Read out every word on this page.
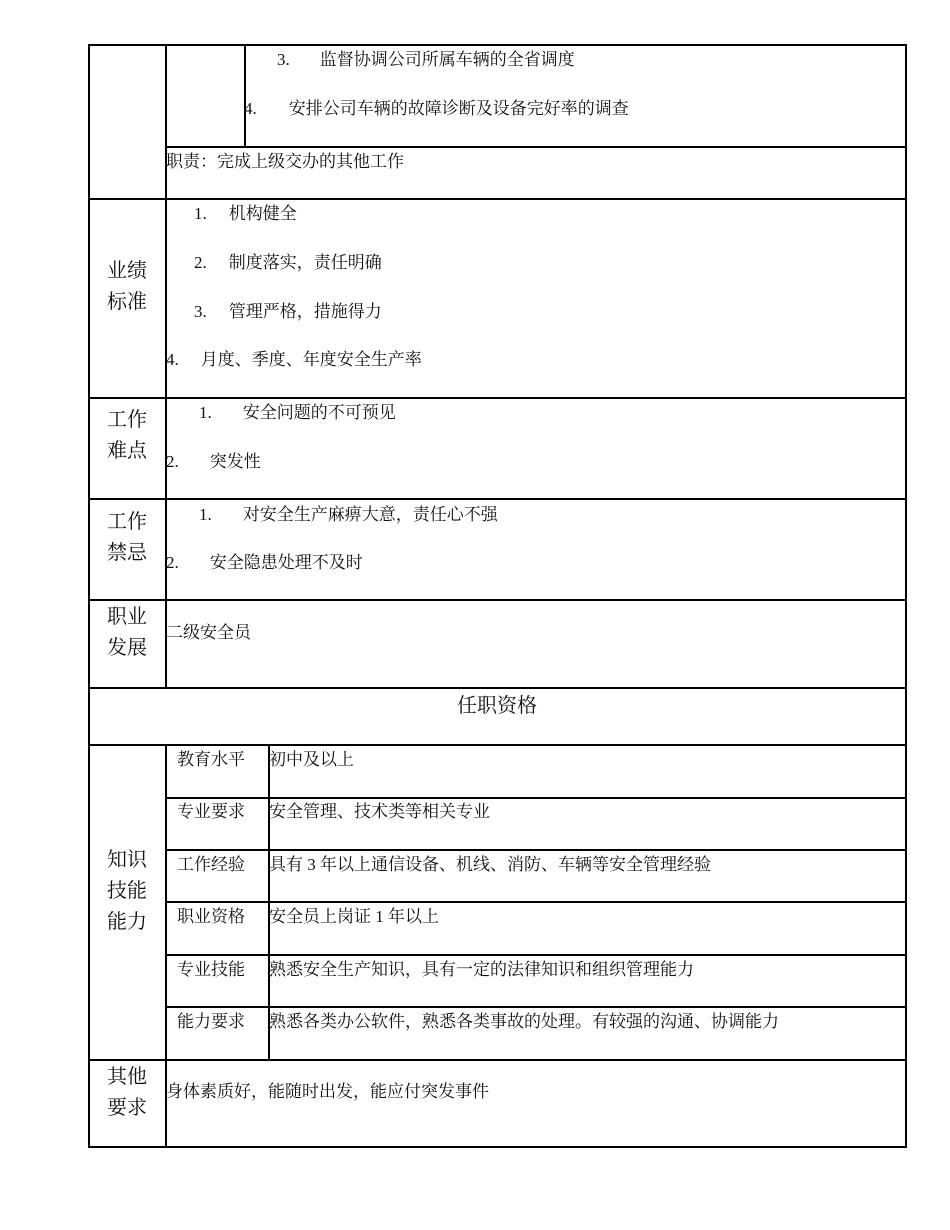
3. 监督协调公司所属车辆的全省调度
4. 安排公司车辆的故障诊断及设备完好率的调查
职责：完成上级交办的其他工作
业绩
标准
1. 机构健全
2. 制度落实，责任明确
3. 管理严格，措施得力
4. 月度、季度、年度安全生产率
工作
难点
1. 安全问题的不可预见
2. 突发性
工作
禁忌
1. 对安全生产麻痹大意，责任心不强
2. 安全隐患处理不及时
职业
发展
二级安全员
任职资格
知识
技能
能力
教育水平 初中及以上
专业要求 安全管理、技术类等相关专业
工作经验 具有 3 年以上通信设备、机线、消防、车辆等安全管理经验
职业资格 安全员上岗证 1 年以上
专业技能 熟悉安全生产知识，具有一定的法律知识和组织管理能力
能力要求 熟悉各类办公软件，熟悉各类事故的处理。有较强的沟通、协调能力
其他
要求
身体素质好，能随时出发，能应付突发事件
